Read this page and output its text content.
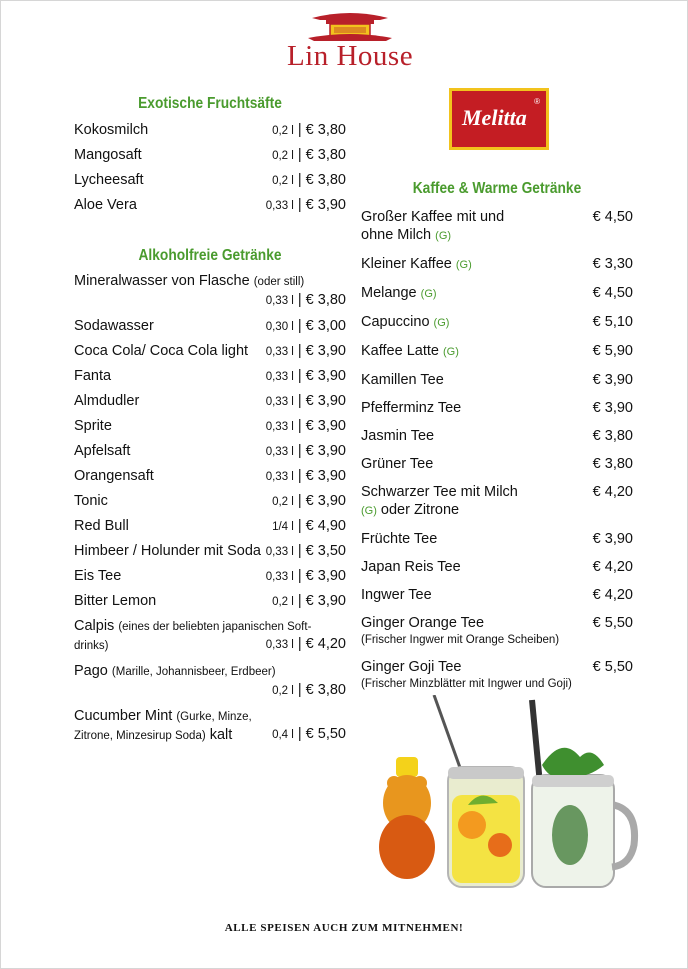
Lin House
Melitta
®
Exotische Fruchtsäfte
Kokosmilch	0,2 l | € 3,80
Mangosaft	0,2 l | € 3,80
Lycheesaft	0,2 l | € 3,80
Aloe Vera	0,33 l | € 3,90
Alkoholfreie Getränke
Mineralwasser von Flasche (oder still)
0,33 l | € 3,80
Sodawasser	0,30 l | € 3,00
Coca Cola/ Coca Cola light	0,33 l | € 3,90
Fanta	0,33 l | € 3,90
Almdudler	0,33 l | € 3,90
Sprite	0,33 l | € 3,90
Apfelsaft	0,33 l | € 3,90
Orangensaft	0,33 l | € 3,90
Tonic	0,2 l | € 3,90
Red Bull	1/4 l | € 4,90
Himbeer / Holunder mit Soda 0,33 l | € 3,50
Eis Tee	0,33 l | € 3,90
Bitter Lemon	0,2 l | € 3,90
Calpis (eines der beliebten japanischen Soft-
drinks)	0,33 l | € 4,20
Pago (Marille, Johannisbeer, Erdbeer)
0,2 l | € 3,80
Cucumber Mint (Gurke, Minze,
Zitrone, Minzesirup Soda) kalt	0,4 l | € 5,50
Kaffee & Warme Getränke
Großer Kaffee mit und
ohne Milch (G)
€ 4,50
Kleiner Kaffee (G)	€ 3,30
Melange (G)	€ 4,50
Capuccino (G)	€ 5,10
Kaffee Latte (G)	€ 5,90
Kamillen Tee	€ 3,90
Pfefferminz Tee	€ 3,90
Jasmin Tee	€ 3,80
Grüner Tee	€ 3,80
Schwarzer Tee mit Milch
(G) oder Zitrone
€ 4,20
Früchte Tee	€ 3,90
Japan Reis Tee	€ 4,20
Ingwer Tee	€ 4,20
Ginger Orange Tee
(Frischer Ingwer mit Orange Scheiben)
€ 5,50
Ginger Goji Tee
(Frischer Minzblätter mit Ingwer und Goji)
€ 5,50
ALLE SPEISEN AUCH ZUM MITNEHMEN!
